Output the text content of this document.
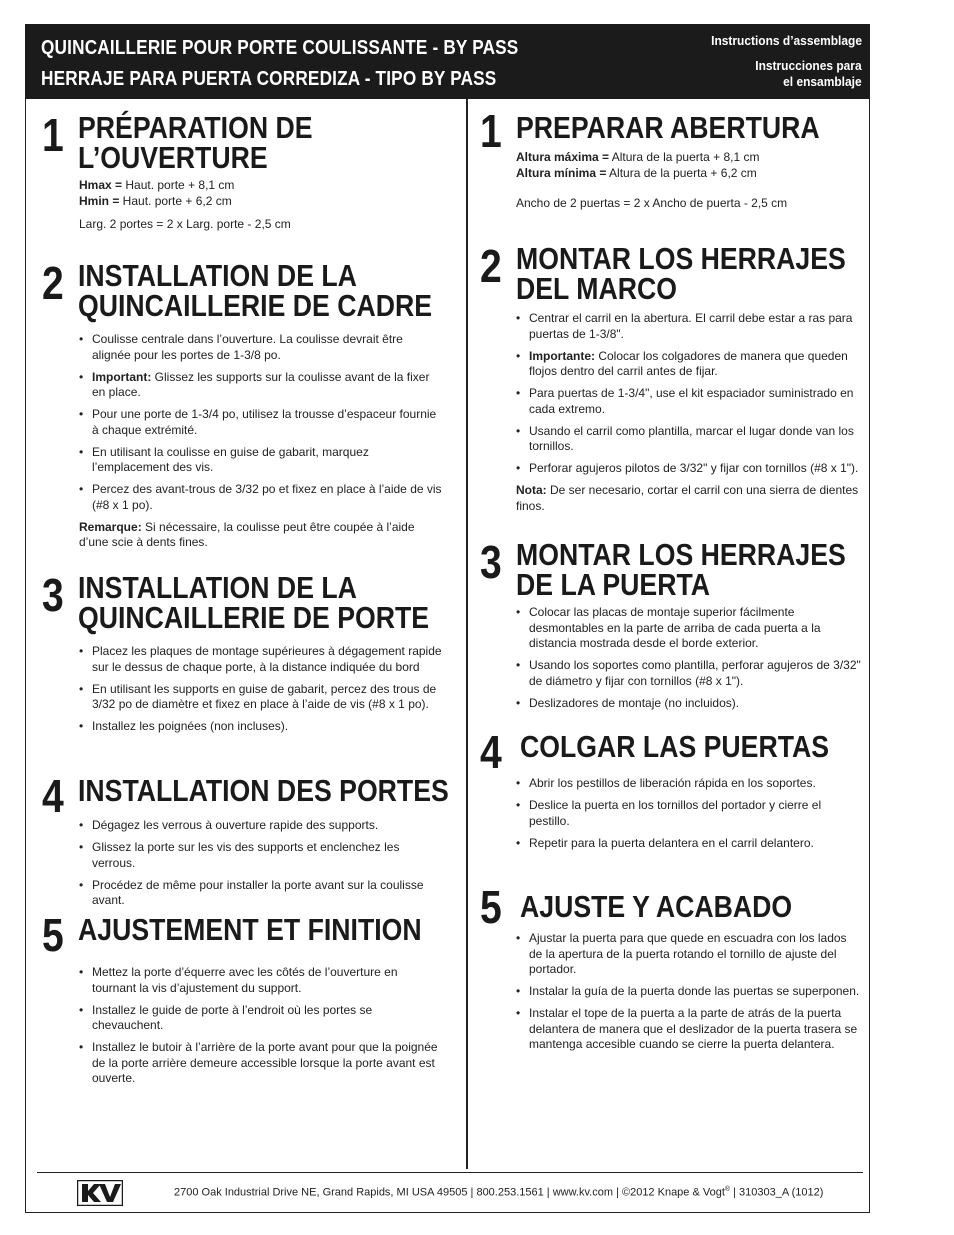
QUINCAILLERIE POUR PORTE COULISSANTE - BY PASS
HERRAJE PARA PUERTA CORREDIZA - TIPO BY PASS
Instructions d’assemblage
Instrucciones para
el ensamblaje
1 PRÉPARATION DE
L’OUVERTURE
Hmax = Haut. porte + 8,1 cm
Hmin = Haut. porte + 6,2 cm
Larg. 2 portes = 2 x Larg. porte - 2,5 cm
2 INSTALLATION DE LA
QUINCAILLERIE DE CADRE
• Coulisse centrale dans l’ouverture. La coulisse devrait être alignée pour les portes de 1-3/8 po.
• Important: Glissez les supports sur la coulisse avant de la fixer en place.
• Pour une porte de 1-3/4 po, utilisez la trousse d’espaceur fournie à chaque extrémité.
• En utilisant la coulisse en guise de gabarit, marquez l’emplacement des vis.
• Percez des avant-trous de 3/32 po et fixez en place à l’aide de vis (#8 x 1 po).

Remarque: Si nécessaire, la coulisse peut être coupée à l’aide d’une scie à dents fines.

3 INSTALLATION DE LA
QUINCAILLERIE DE PORTE
• Placez les plaques de montage supérieures à dégagement rapide sur le dessus de chaque porte, à la distance indiquée du bord
• En utilisant les supports en guise de gabarit, percez des trous de 3/32 po de diamètre et fixez en place à l’aide de vis (#8 x 1 po).
• Installez les poignées (non incluses).
4 INSTALLATION DES PORTES
• Dégagez les verrous à ouverture rapide des supports.
• Glissez la porte sur les vis des supports et enclenchez les verrous.
• Procédez de même pour installer la porte avant sur la coulisse avant.
5 AJUSTEMENT ET FINITION
• Mettez la porte d’équerre avec les côtés de l’ouverture en tournant la vis d’ajustement du support.
• Installez le guide de porte à l’endroit où les portes se chevauchent.
• Installez le butoir à l’arrière de la porte avant pour que la poignée de la porte arrière demeure accessible lorsque la porte avant est ouverte.
1 PREPARAR ABERTURA
Altura máxima = Altura de la puerta + 8,1 cm
Altura mínima = Altura de la puerta + 6,2 cm
Ancho de 2 puertas = 2 x Ancho de puerta - 2,5 cm
2 MONTAR LOS HERRAJES
DEL MARCO
• Centrar el carril en la abertura. El carril debe estar a ras para puertas de 1-3/8".
• Importante: Colocar los colgadores de manera que queden flojos dentro del carril antes de fijar.
• Para puertas de 1-3/4", use el kit espaciador suministrado en cada extremo.
• Usando el carril como plantilla, marcar el lugar donde van los tornillos.
• Perforar agujeros pilotos de 3/32" y fijar con tornillos (#8 x 1").

Nota: De ser necesario, cortar el carril con una sierra de dientes finos.

3 MONTAR LOS HERRAJES
DE LA PUERTA
• Colocar las placas de montaje superior fácilmente desmontables en la parte de arriba de cada puerta a la distancia mostrada desde el borde exterior.
• Usando los soportes como plantilla, perforar agujeros de 3/32" de diámetro y fijar con tornillos (#8 x 1").
• Deslizadores de montaje (no incluidos).
4 COLGAR LAS PUERTAS
• Abrir los pestillos de liberación rápida en los soportes.
• Deslice la puerta en los tornillos del portador y cierre el pestillo.
• Repetir para la puerta delantera en el carril delantero.
5 AJUSTE Y ACABADO
• Ajustar la puerta para que quede en escuadra con los lados de la apertura de la puerta rotando el tornillo de ajuste del portador.
• Instalar la guía de la puerta donde las puertas se superponen.
• Instalar el tope de la puerta a la parte de atrás de la puerta delantera de manera que el deslizador de la puerta trasera se mantenga accesible cuando se cierre la puerta delantera.
2700 Oak Industrial Drive NE, Grand Rapids, MI USA 49505 | 800.253.1561 | www.kv.com | ©2012 Knape & Vogt® | 310303_A (1012)
